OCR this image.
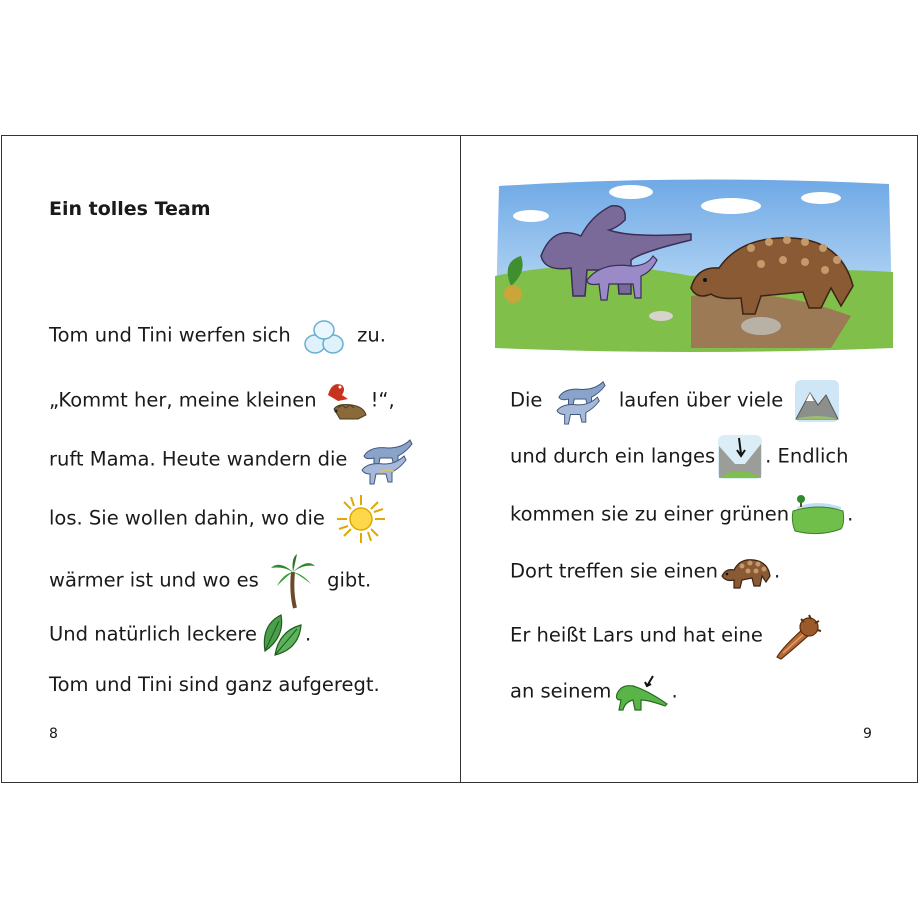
Ein tolles Team
Tom und Tini werfen sich	zu.
„Kommt her, meine kleinen	!“,
ruft Mama. Heute wandern die
los. Sie wollen dahin, wo die
wärmer ist und wo es	gibt.
Und natürlich leckere .
Tom und Tini sind ganz aufgeregt.
8
Die	laufen über viele
und durch ein langes	. Endlich
kommen sie zu einer grünen	.
Dort treffen sie einen	.
Er heißt Lars und hat eine
an seinem	.
9
